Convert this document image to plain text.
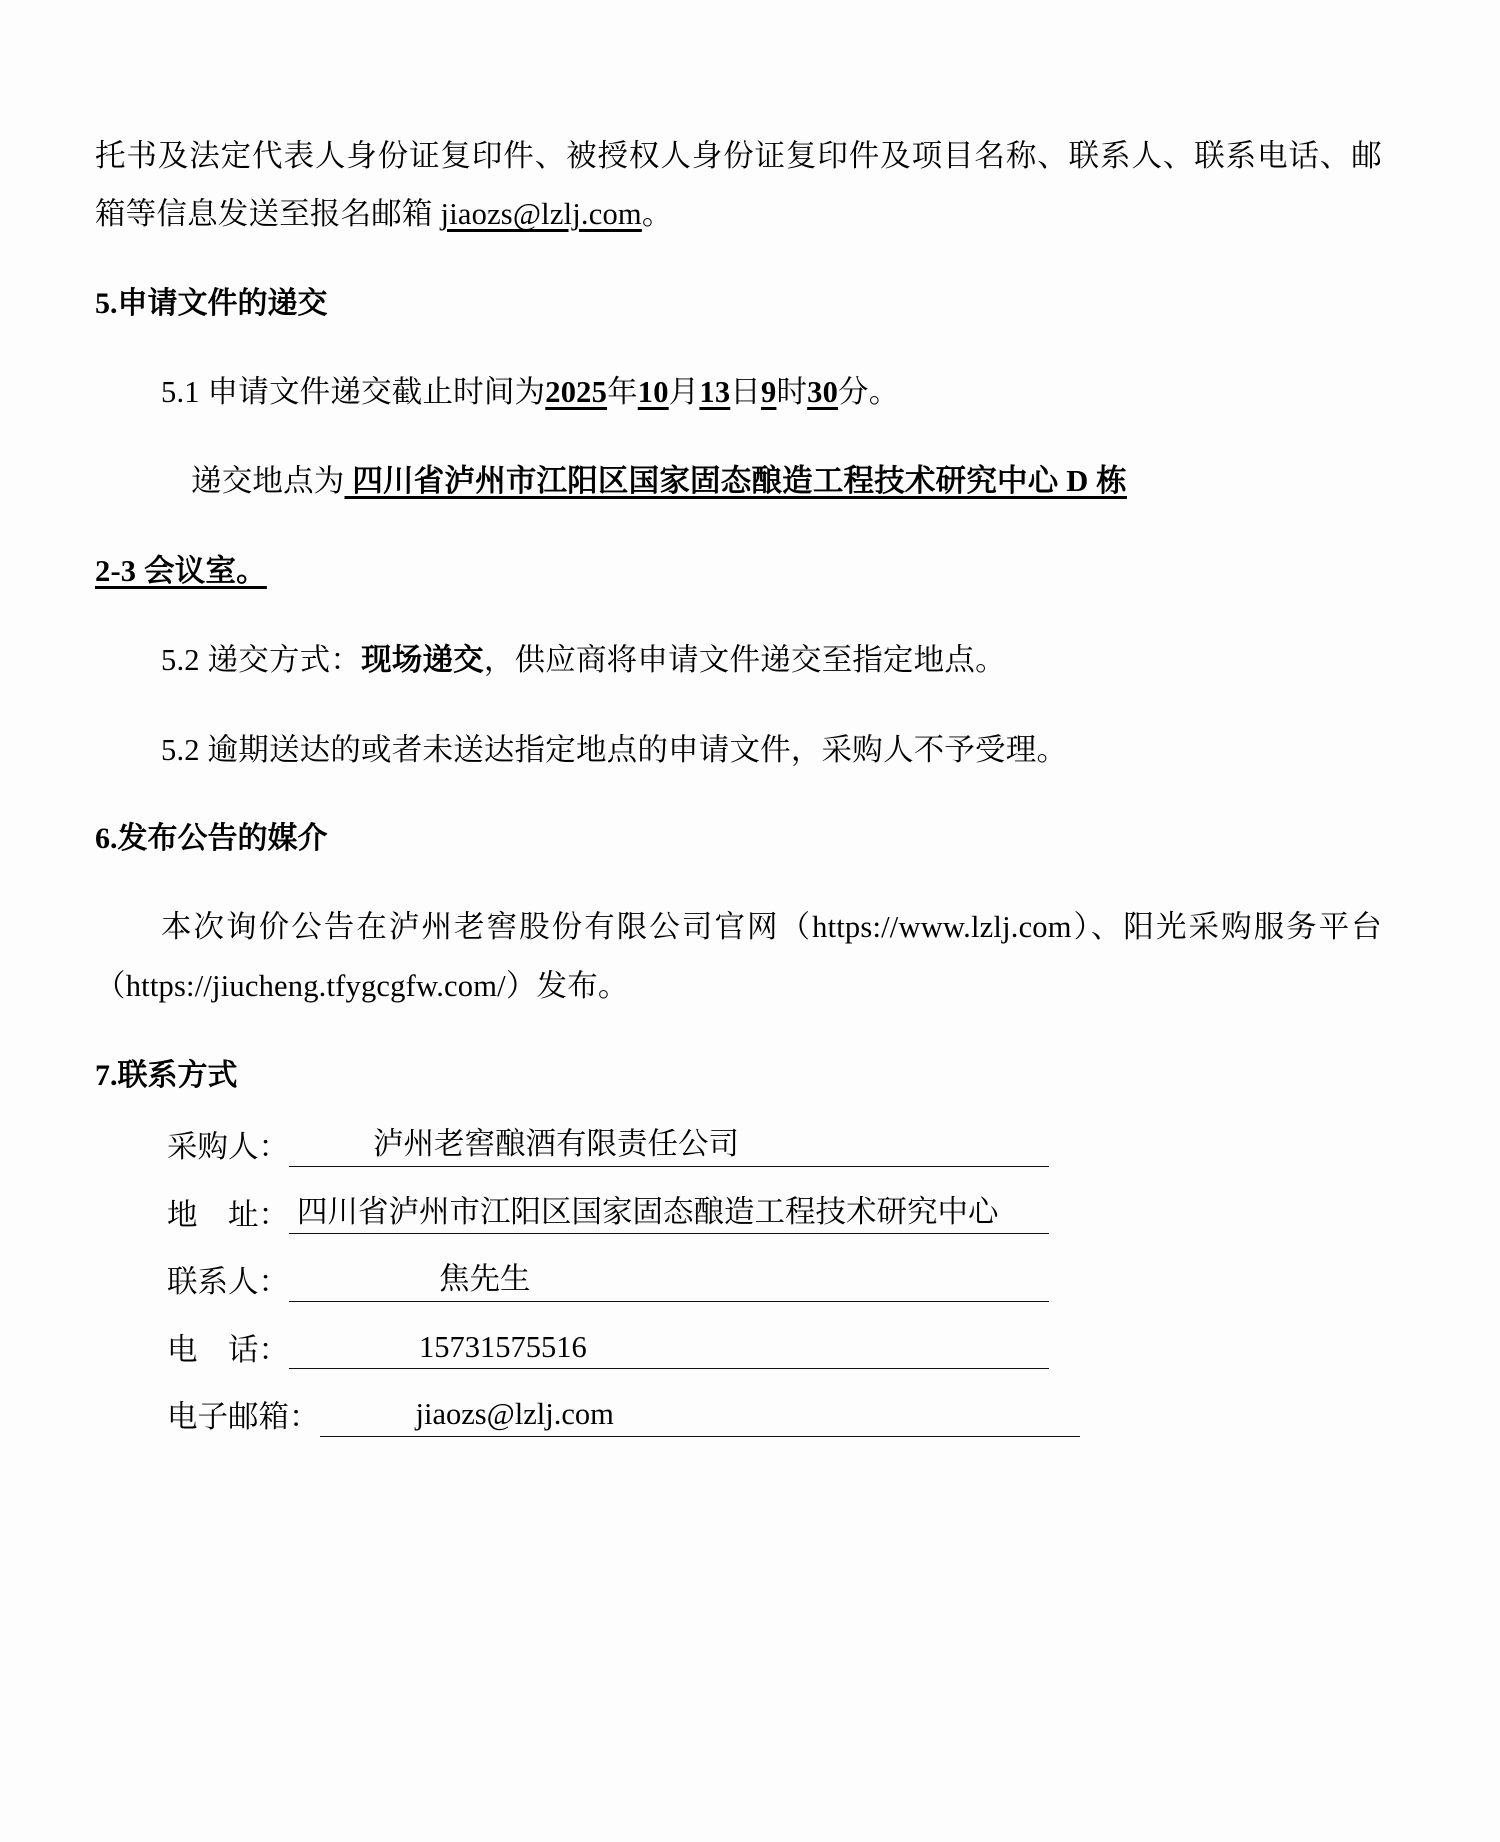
托书及法定代表人身份证复印件、被授权人身份证复印件及项目名称、联系人、联系电话、邮箱等信息发送至报名邮箱 jiaozs@lzlj.com。

5.申请文件的递交

5.1 申请文件递交截止时间为2025年10月13日9时30分。

递交地点为 四川省泸州市江阳区国家固态酿造工程技术研究中心 D 栋

2-3 会议室。

5.2 递交方式：现场递交，供应商将申请文件递交至指定地点。

5.2 逾期送达的或者未送达指定地点的申请文件，采购人不予受理。

6.发布公告的媒介

本次询价公告在泸州老窖股份有限公司官网（https://www.lzlj.com）、阳光采购服务平台（https://jiucheng.tfygcgfw.com/）发布。

7.联系方式
采购人：	泸州老窖酿酒有限责任公司
地　址： 四川省泸州市江阳区国家固态酿造工程技术研究中心
联系人：	焦先生
电　话：	15731575516
电子邮箱：	jiaozs@lzlj.com
